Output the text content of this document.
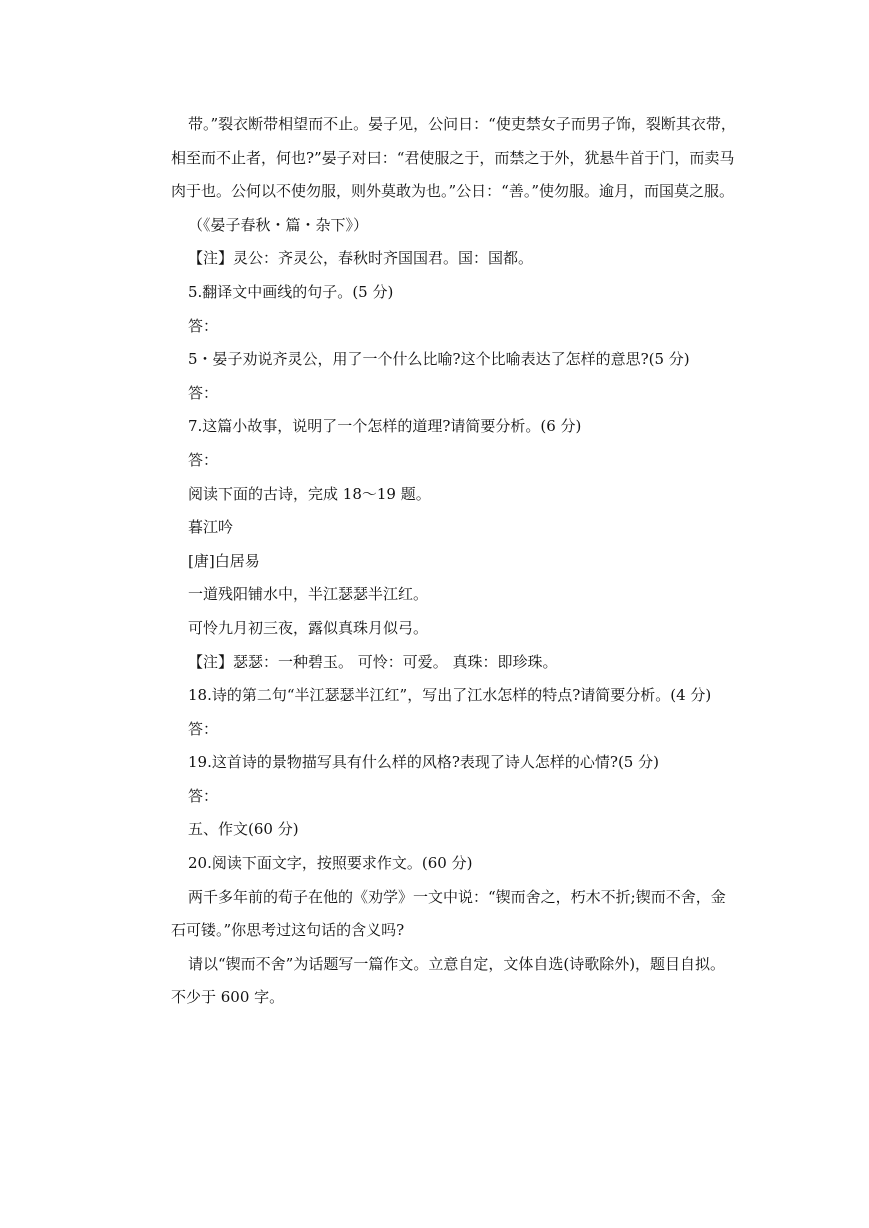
带。”裂衣断带相望而不止。晏子见，公问日：“使吏禁女子而男子饰，裂断其衣带，
相至而不止者，何也?”晏子对曰：“君使服之于，而禁之于外，犹悬牛首于门，而卖马
肉于也。公何以不使勿服，则外莫敢为也。”公日：“善。”使勿服。逾月，而国莫之服。
（《晏子春秋・篇・杂下》）
【注】灵公：齐灵公，春秋时齐国国君。国：国都。
5.翻译文中画线的句子。(5 分)
答：
5・晏子劝说齐灵公，用了一个什么比喻?这个比喻表达了怎样的意思?(5 分)
答：
7.这篇小故事，说明了一个怎样的道理?请简要分析。(6 分)
答：
阅读下面的古诗，完成 18～19 题。
暮江吟
[唐]白居易
一道残阳铺水中，半江瑟瑟半江红。
可怜九月初三夜，露似真珠月似弓。
【注】瑟瑟：一种碧玉。 可怜：可爱。 真珠：即珍珠。
18.诗的第二句“半江瑟瑟半江红”，写出了江水怎样的特点?请简要分析。(4 分)
答：
19.这首诗的景物描写具有什么样的风格?表现了诗人怎样的心情?(5 分)
答：
五、作文(60 分)
20.阅读下面文字，按照要求作文。(60 分)
两千多年前的荀子在他的《劝学》一文中说：“锲而舍之，朽木不折;锲而不舍，金
石可镂。”你思考过这句话的含义吗?
请以“锲而不舍”为话题写一篇作文。立意自定，文体自选(诗歌除外)，题目自拟。
不少于 600 字。
